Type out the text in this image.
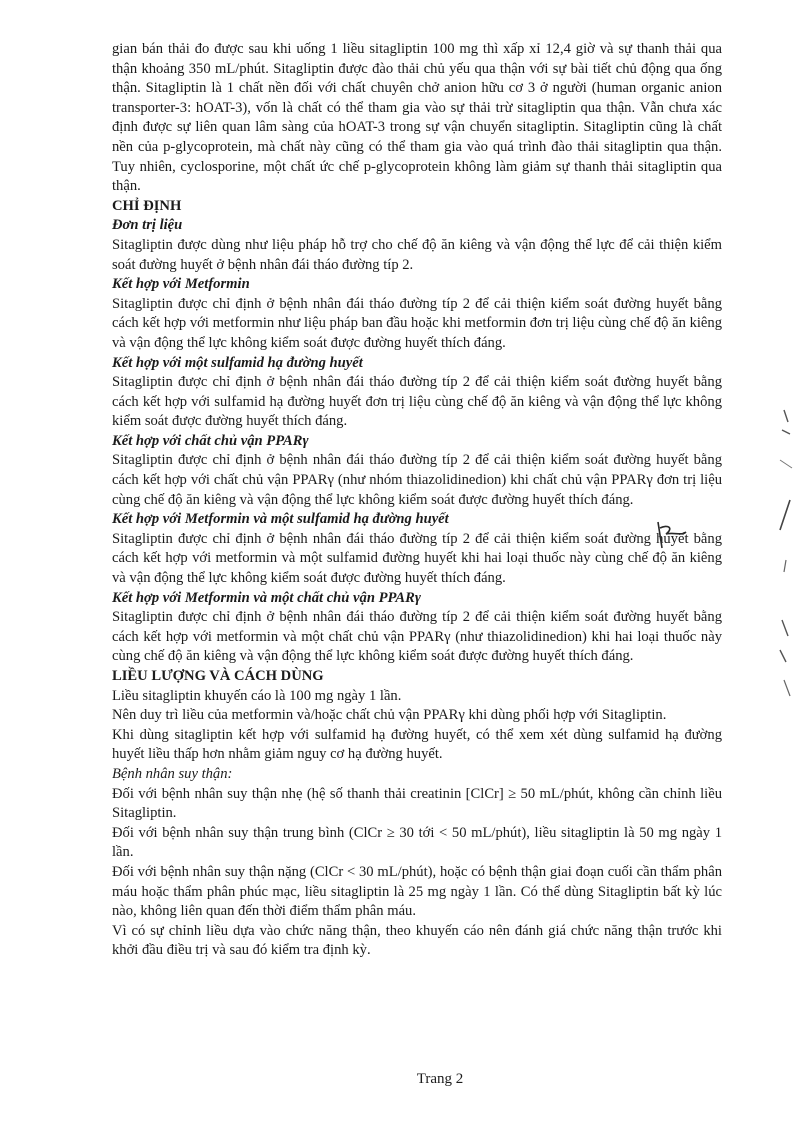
gian bán thải đo được sau khi uống 1 liều sitagliptin 100 mg thì xấp xỉ 12,4 giờ và sự thanh thải qua thận khoảng 350 mL/phút. Sitagliptin được đào thải chủ yếu qua thận với sự bài tiết chủ động qua ống thận. Sitagliptin là 1 chất nền đối với chất chuyên chở anion hữu cơ 3 ở người (human organic anion transporter-3: hOAT-3), vốn là chất có thể tham gia vào sự thải trừ sitagliptin qua thận. Vẫn chưa xác định được sự liên quan lâm sàng của hOAT-3 trong sự vận chuyển sitagliptin. Sitagliptin cũng là chất nền của p-glycoprotein, mà chất này cũng có thể tham gia vào quá trình đào thải sitagliptin qua thận. Tuy nhiên, cyclosporine, một chất ức chế p-glycoprotein không làm giảm sự thanh thải sitagliptin qua thận.

CHỈ ĐỊNH
Đơn trị liệu

Sitagliptin được dùng như liệu pháp hỗ trợ cho chế độ ăn kiêng và vận động thể lực để cải thiện kiểm soát đường huyết ở bệnh nhân đái tháo đường típ 2.

Kết hợp với Metformin

Sitagliptin được chỉ định ở bệnh nhân đái tháo đường típ 2 để cải thiện kiểm soát đường huyết bằng cách kết hợp với metformin như liệu pháp ban đầu hoặc khi metformin đơn trị liệu cùng chế độ ăn kiêng và vận động thể lực không kiểm soát được đường huyết thích đáng.

Kết hợp với một sulfamid hạ đường huyết

Sitagliptin được chỉ định ở bệnh nhân đái tháo đường típ 2 để cải thiện kiểm soát đường huyết bằng cách kết hợp với sulfamid hạ đường huyết đơn trị liệu cùng chế độ ăn kiêng và vận động thể lực không kiểm soát được đường huyết thích đáng.

Kết hợp với chất chủ vận PPARγ

Sitagliptin được chỉ định ở bệnh nhân đái tháo đường típ 2 để cải thiện kiểm soát đường huyết bằng cách kết hợp với chất chủ vận PPARγ (như nhóm thiazolidinedion) khi chất chủ vận PPARγ đơn trị liệu cùng chế độ ăn kiêng và vận động thể lực không kiểm soát được đường huyết thích đáng.

Kết hợp với Metformin và một sulfamid hạ đường huyết

Sitagliptin được chỉ định ở bệnh nhân đái tháo đường típ 2 để cải thiện kiểm soát đường huyết bằng cách kết hợp với metformin và một sulfamid đường huyết khi hai loại thuốc này cùng chế độ ăn kiêng và vận động thể lực không kiểm soát được đường huyết thích đáng.

Kết hợp với Metformin và một chất chủ vận PPARγ

Sitagliptin được chỉ định ở bệnh nhân đái tháo đường típ 2 để cải thiện kiểm soát đường huyết bằng cách kết hợp với metformin và một chất chủ vận PPARγ (như thiazolidinedion) khi hai loại thuốc này cùng chế độ ăn kiêng và vận động thể lực không kiểm soát được đường huyết thích đáng.

LIỀU LƯỢNG VÀ CÁCH DÙNG

Liều sitagliptin khuyến cáo là 100 mg ngày 1 lần.

Nên duy trì liều của metformin và/hoặc chất chủ vận PPARγ khi dùng phối hợp với Sitagliptin.

Khi dùng sitagliptin kết hợp với sulfamid hạ đường huyết, có thể xem xét dùng sulfamid hạ đường huyết liều thấp hơn nhằm giảm nguy cơ hạ đường huyết.

Bệnh nhân suy thận:

Đối với bệnh nhân suy thận nhẹ (hệ số thanh thải creatinin [ClCr] ≥ 50 mL/phút, không cần chỉnh liều Sitagliptin.

Đối với bệnh nhân suy thận trung bình (ClCr ≥ 30 tới < 50 mL/phút), liều sitagliptin là 50 mg ngày 1 lần.

Đối với bệnh nhân suy thận nặng (ClCr < 30 mL/phút), hoặc có bệnh thận giai đoạn cuối cần thẩm phân máu hoặc thẩm phân phúc mạc, liều sitagliptin là 25 mg ngày 1 lần. Có thể dùng Sitagliptin bất kỳ lúc nào, không liên quan đến thời điểm thẩm phân máu.

Vì có sự chỉnh liều dựa vào chức năng thận, theo khuyến cáo nên đánh giá chức năng thận trước khi khởi đầu điều trị và sau đó kiểm tra định kỳ.

Trang 2
